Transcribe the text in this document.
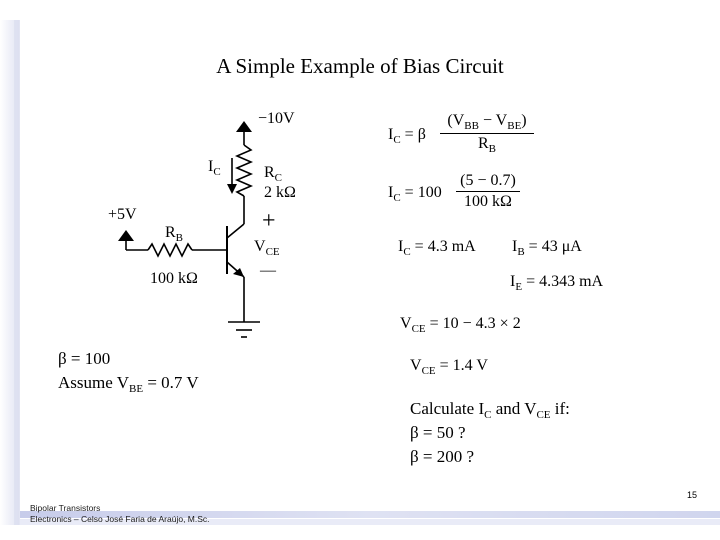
A Simple Example of Bias Circuit
−10V
$I_C$	$R_C$
2 kΩ
+5V
$R_B$
100 kΩ
+
$V_{CE}$
—
β = 100
Assume $V_{BE} = 0.7$ V
$I_C = \beta$
$(V_{BB} - V_{BE})$
$R_B$
$I_C = 100 \frac{(5 - 0.7)}{100 k\Omega}$
$I_C = 4.3$ mA $I_B = 43$ μA
$I_E = 4.343$ mA
$V_{CE} = 10 - 4.3 \times 2$
$V_{CE} = 1.4$ V
Calculate $I_C$ and $V_{CE}$ if:
β = 50 ?
β = 200 ?
15
Bipolar Transistors
Electronics – Celso José Faria de Araújo, M.Sc.
